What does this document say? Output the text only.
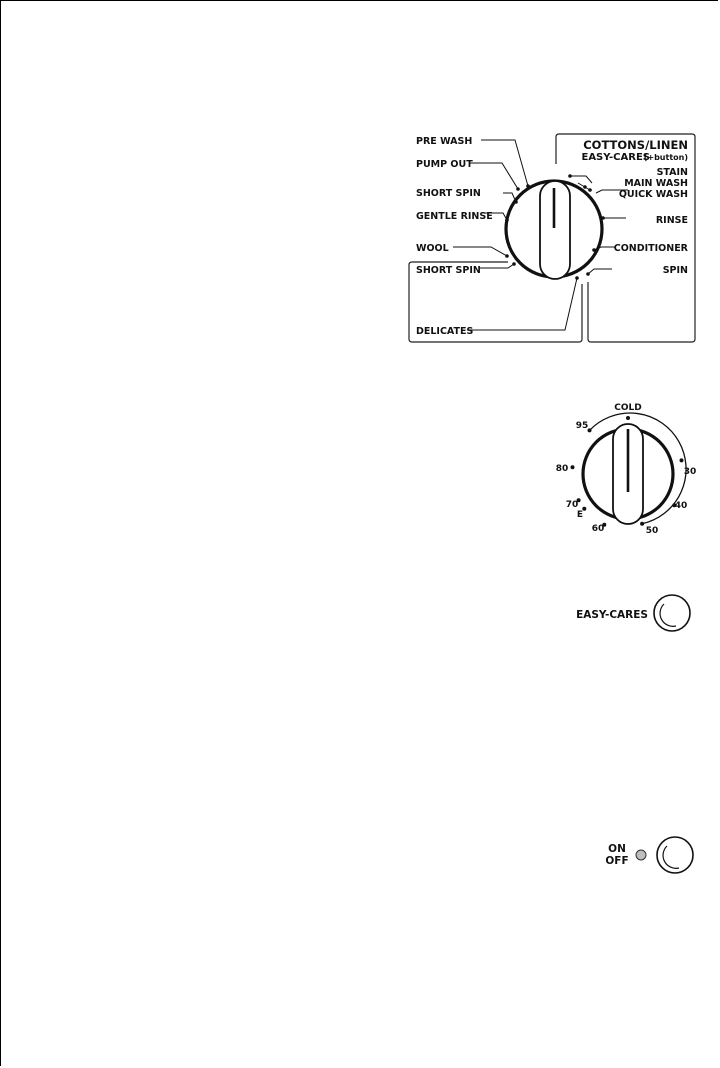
PRE WASH
PUMP OUT
SHORT SPIN
GENTLE RINSE
WOOL
SHORT SPIN
DELICATES
COTTONS/LINEN
EASY-CARES
(+button)
STAIN
MAIN WASH
QUICK WASH
RINSE
CONDITIONER
SPIN
COLD
95
80
70
E
60	50
40
30
EASY-CARES
ON
OFF
